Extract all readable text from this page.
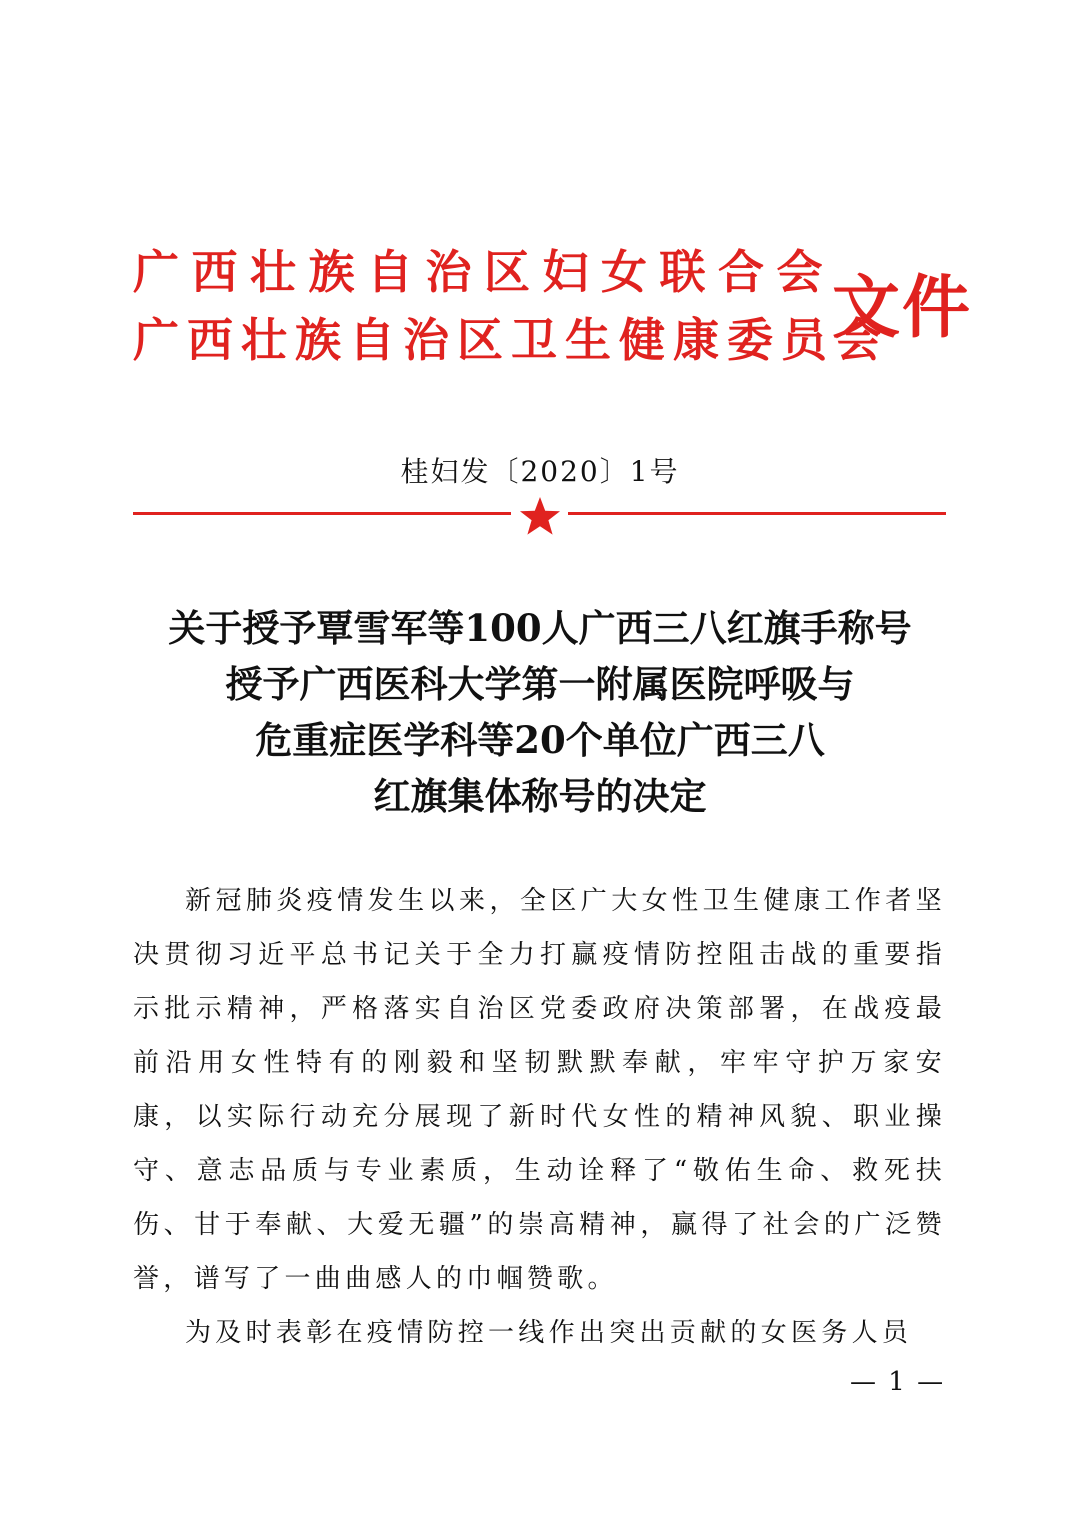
广西壮族自治区妇女联合会
广西壮族自治区卫生健康委员会
文件
桂妇发〔2020〕1号
关于授予覃雪军等100人广西三八红旗手称号
授予广西医科大学第一附属医院呼吸与
危重症医学科等20个单位广西三八
红旗集体称号的决定

新冠肺炎疫情发生以来，全区广大女性卫生健康工作者坚决贯彻习近平总书记关于全力打赢疫情防控阻击战的重要指示批示精神，严格落实自治区党委政府决策部署，在战疫最前沿用女性特有的刚毅和坚韧默默奉献，牢牢守护万家安康，以实际行动充分展现了新时代女性的精神风貌、职业操守、意志品质与专业素质，生动诠释了“敬佑生命、救死扶伤、甘于奉献、大爱无疆”的崇高精神，赢得了社会的广泛赞誉，谱写了一曲曲感人的巾帼赞歌。

为及时表彰在疫情防控一线作出突出贡献的女医务人员

— 1 —
